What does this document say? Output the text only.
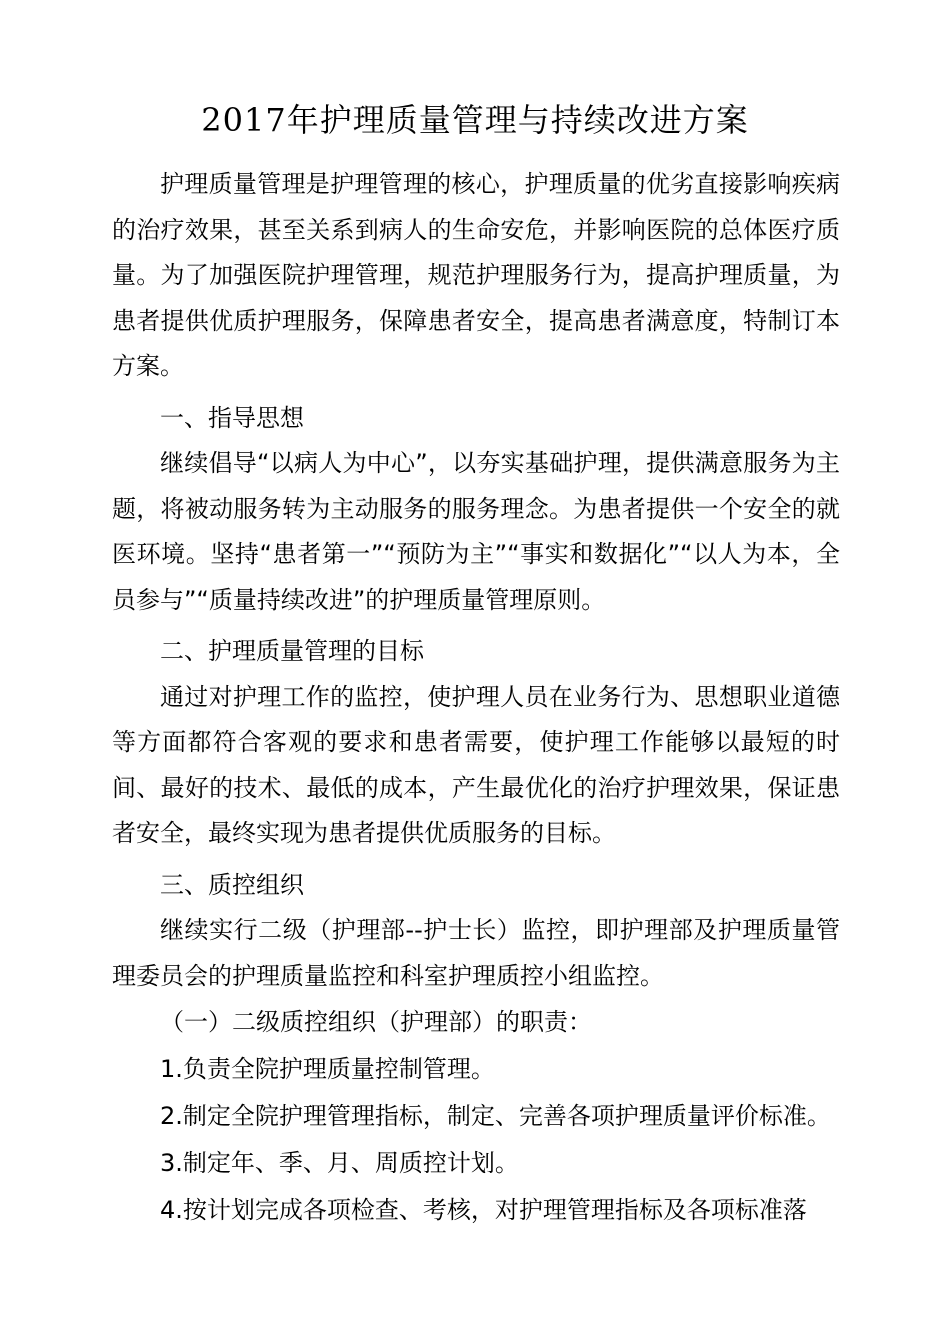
2017年护理质量管理与持续改进方案

护理质量管理是护理管理的核心，护理质量的优劣直接影响疾病的治疗效果，甚至关系到病人的生命安危，并影响医院的总体医疗质量。为了加强医院护理管理，规范护理服务行为，提高护理质量，为患者提供优质护理服务，保障患者安全，提高患者满意度，特制订本方案。

一、指导思想

继续倡导“以病人为中心”，以夯实基础护理，提供满意服务为主题，将被动服务转为主动服务的服务理念。为患者提供一个安全的就医环境。坚持“患者第一”“预防为主”“事实和数据化”“以人为本，全员参与”“质量持续改进”的护理质量管理原则。

二、护理质量管理的目标

通过对护理工作的监控，使护理人员在业务行为、思想职业道德等方面都符合客观的要求和患者需要，使护理工作能够以最短的时间、最好的技术、最低的成本，产生最优化的治疗护理效果，保证患者安全，最终实现为患者提供优质服务的目标。

三、质控组织

继续实行二级（护理部--护士长）监控，即护理部及护理质量管理委员会的护理质量监控和科室护理质控小组监控。

（一）二级质控组织（护理部）的职责：

1.负责全院护理质量控制管理。

2.制定全院护理管理指标，制定、完善各项护理质量评价标准。

3.制定年、季、月、周质控计划。

4.按计划完成各项检查、考核，对护理管理指标及各项标准落
